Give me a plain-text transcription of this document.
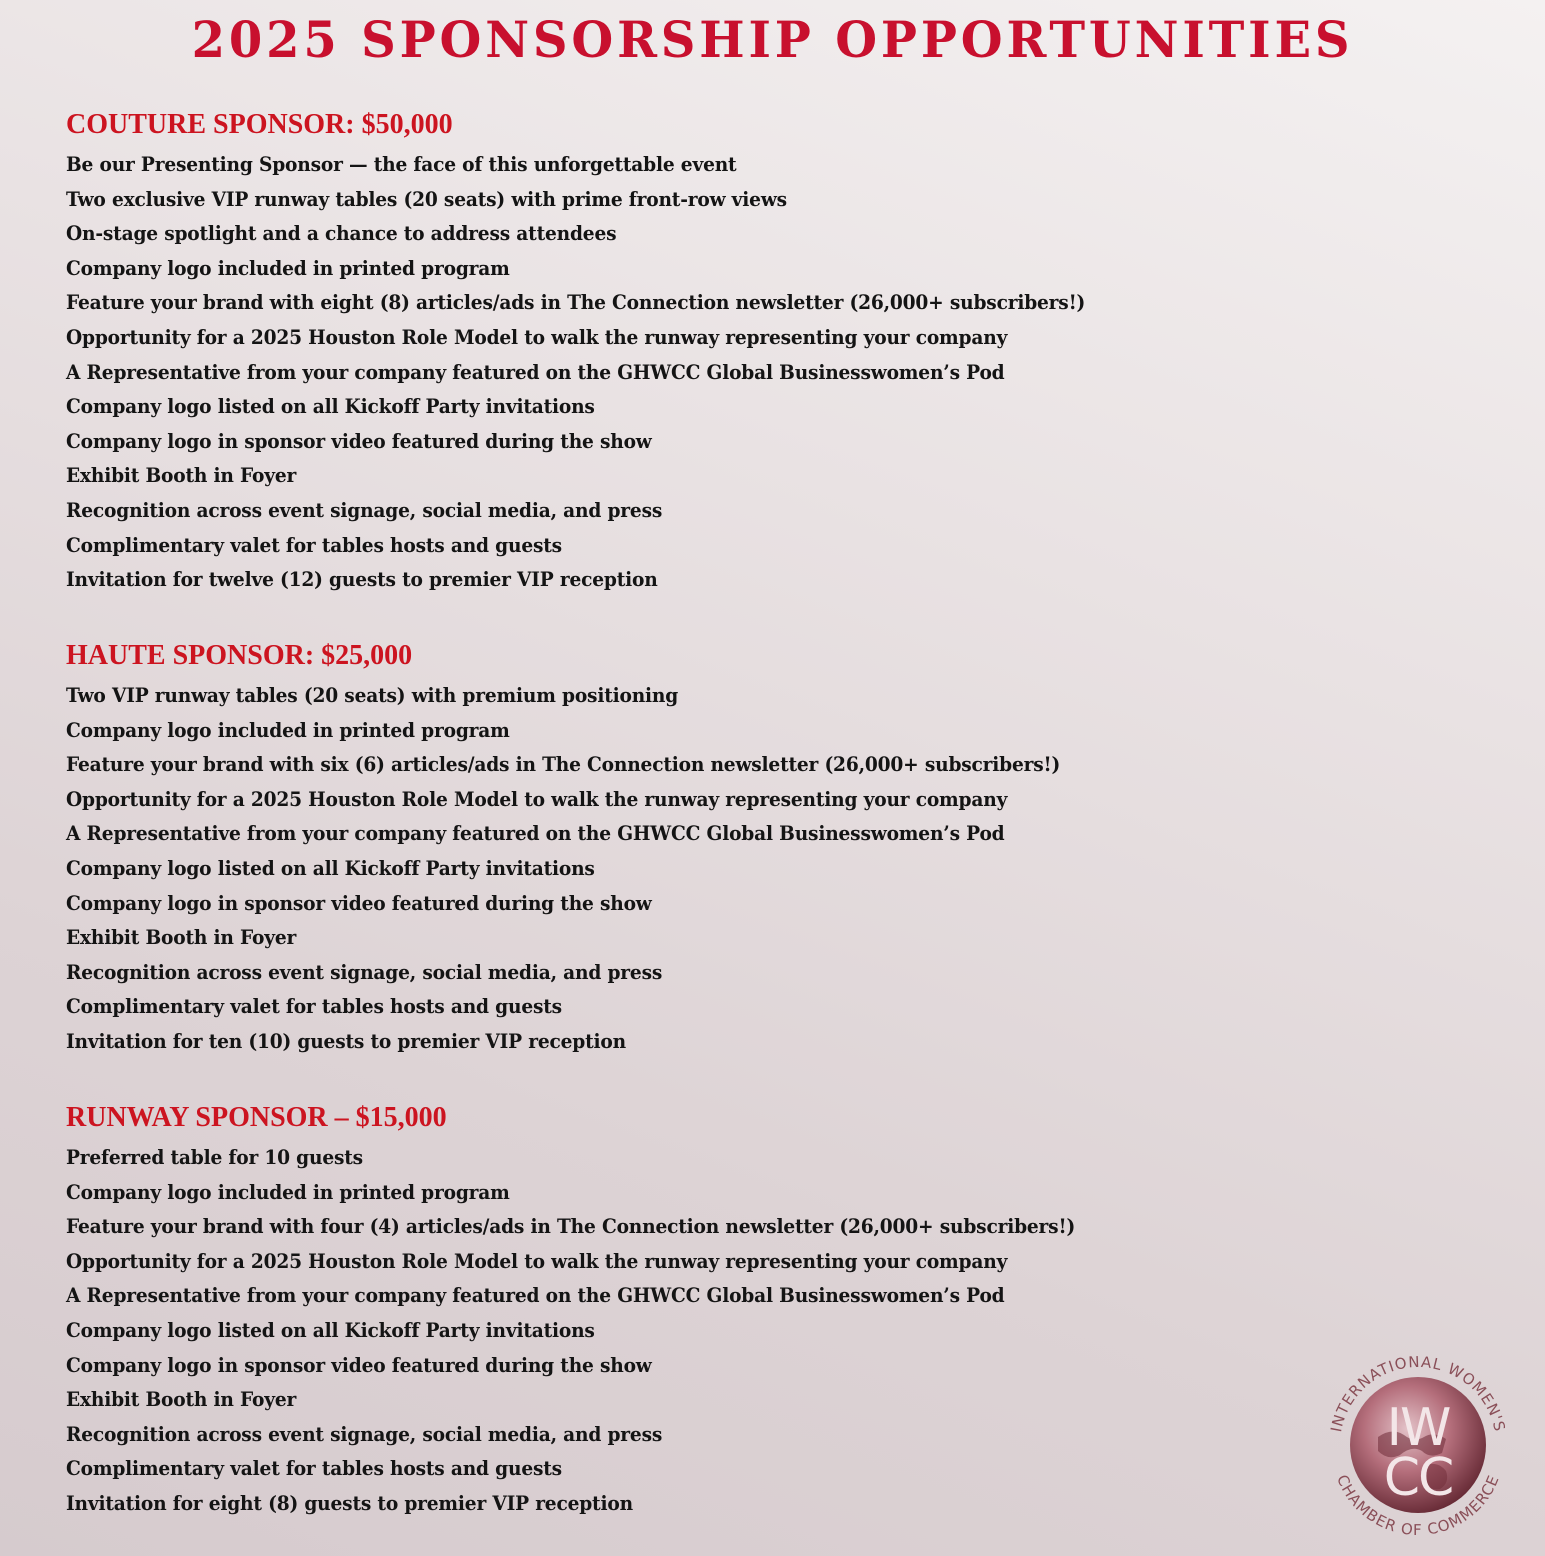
2025 SPONSORSHIP OPPORTUNITIES
COUTURE SPONSOR: $50,000
Be our Presenting Sponsor — the face of this unforgettable event
Two exclusive VIP runway tables (20 seats) with prime front-row views
On-stage spotlight and a chance to address attendees
Company logo included in printed program
Feature your brand with eight (8) articles/ads in The Connection newsletter (26,000+ subscribers!)
Opportunity for a 2025 Houston Role Model to walk the runway representing your company
A Representative from your company featured on the GHWCC Global Businesswomen’s Pod
Company logo listed on all Kickoff Party invitations
Company logo in sponsor video featured during the show
Exhibit Booth in Foyer
Recognition across event signage, social media, and press
Complimentary valet for tables hosts and guests
Invitation for twelve (12) guests to premier VIP reception
HAUTE SPONSOR: $25,000
Two VIP runway tables (20 seats) with premium positioning
Company logo included in printed program
Feature your brand with six (6) articles/ads in The Connection newsletter (26,000+ subscribers!)
Opportunity for a 2025 Houston Role Model to walk the runway representing your company
A Representative from your company featured on the GHWCC Global Businesswomen’s Pod
Company logo listed on all Kickoff Party invitations
Company logo in sponsor video featured during the show
Exhibit Booth in Foyer
Recognition across event signage, social media, and press
Complimentary valet for tables hosts and guests
Invitation for ten (10) guests to premier VIP reception
RUNWAY SPONSOR – $15,000
Preferred table for 10 guests
Company logo included in printed program
Feature your brand with four (4) articles/ads in The Connection newsletter (26,000+ subscribers!)
Opportunity for a 2025 Houston Role Model to walk the runway representing your company
A Representative from your company featured on the GHWCC Global Businesswomen’s Pod
Company logo listed on all Kickoff Party invitations
Company logo in sponsor video featured during the show
Exhibit Booth in Foyer
Recognition across event signage, social media, and press
Complimentary valet for tables hosts and guests
Invitation for eight (8) guests to premier VIP reception
IW
CC
INTERNATIONAL WOMEN'S
CHAMBER OF COMMERCE
